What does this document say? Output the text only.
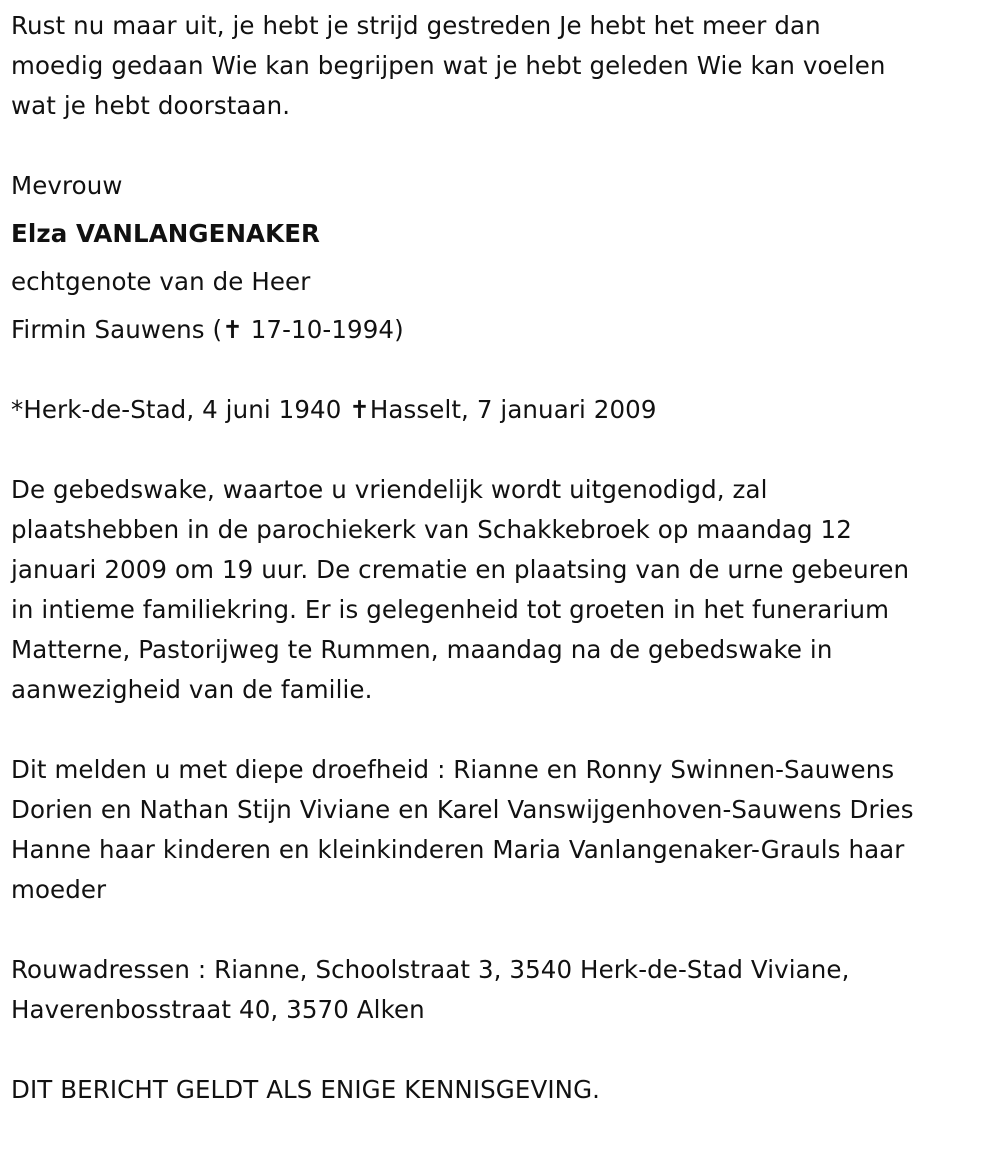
Rust nu maar uit, je hebt je strijd gestreden Je hebt het meer dan
moedig gedaan Wie kan begrijpen wat je hebt geleden Wie kan voelen
wat je hebt doorstaan.
Mevrouw
Elza VANLANGENAKER
echtgenote van de Heer
Firmin Sauwens (✝ 17-10-1994)
*Herk-de-Stad, 4 juni 1940 ✝Hasselt, 7 januari 2009
De gebedswake, waartoe u vriendelijk wordt uitgenodigd, zal
plaatshebben in de parochiekerk van Schakkebroek op maandag 12
januari 2009 om 19 uur. De crematie en plaatsing van de urne gebeuren
in intieme familiekring. Er is gelegenheid tot groeten in het funerarium
Matterne, Pastorijweg te Rummen, maandag na de gebedswake in
aanwezigheid van de familie.
Dit melden u met diepe droefheid : Rianne en Ronny Swinnen-Sauwens
Dorien en Nathan Stijn Viviane en Karel Vanswijgenhoven-Sauwens Dries
Hanne haar kinderen en kleinkinderen Maria Vanlangenaker-Grauls haar
moeder
Rouwadressen : Rianne, Schoolstraat 3, 3540 Herk-de-Stad Viviane,
Haverenbosstraat 40, 3570 Alken
DIT BERICHT GELDT ALS ENIGE KENNISGEVING.
